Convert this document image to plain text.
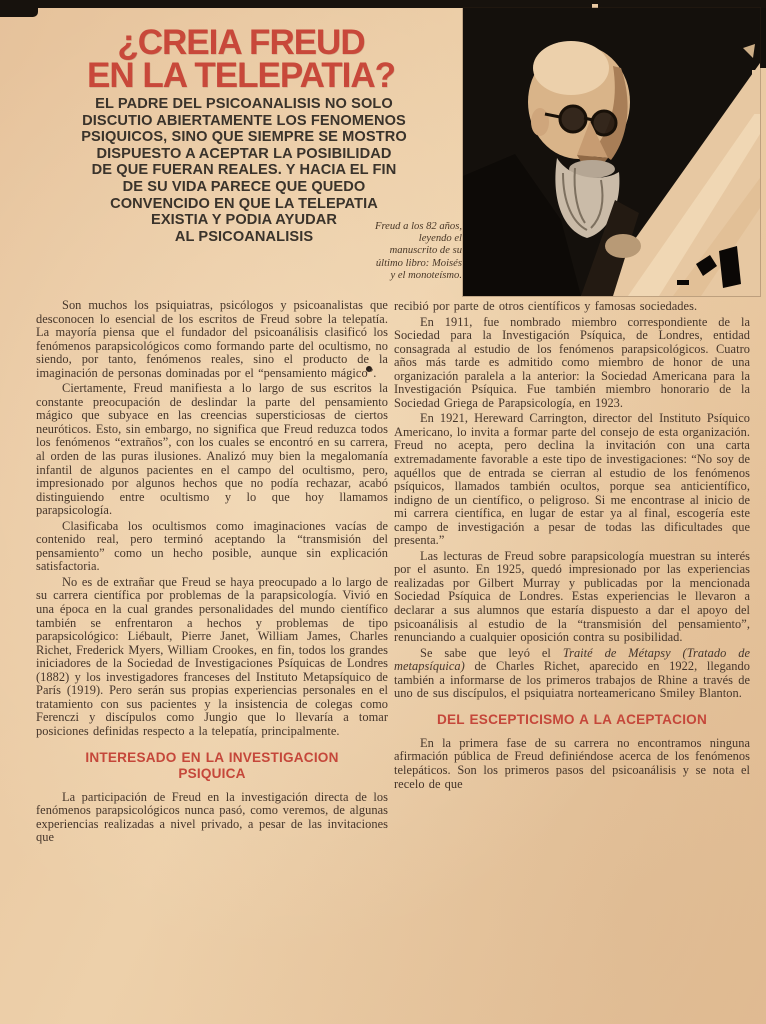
¿CREIA FREUD
EN LA TELEPATIA?
EL PADRE DEL PSICOANALISIS NO SOLO
DISCUTIO ABIERTAMENTE LOS FENOMENOS
PSIQUICOS, SINO QUE SIEMPRE SE MOSTRO
DISPUESTO A ACEPTAR LA POSIBILIDAD
DE QUE FUERAN REALES. Y HACIA EL FIN
DE SU VIDA PARECE QUE QUEDO
CONVENCIDO EN QUE LA TELEPATIA
EXISTIA Y PODIA AYUDAR
AL PSICOANALISIS
Freud a los 82 años, leyendo el manuscrito de su último libro: Moisés y el monoteísmo.

Son muchos los psiquiatras, psicólogos y psicoanalistas que desconocen lo esencial de los escritos de Freud sobre la telepatía. La mayoría piensa que el fundador del psicoanálisis clasificó los fenómenos parapsicológicos como formando parte del ocultismo, no siendo, por tanto, fenómenos reales, sino el producto de la imaginación de personas dominadas por el “pensamiento mágico”.

Ciertamente, Freud manifiesta a lo largo de sus escritos la constante preocupación de deslindar la parte del pensamiento mágico que subyace en las creencias supersticiosas de ciertos neuróticos. Esto, sin embargo, no significa que Freud reduzca todos los fenómenos “extraños”, con los cuales se encontró en su carrera, al orden de las puras ilusiones. Analizó muy bien la megalomanía infantil de algunos pacientes en el campo del ocultismo, pero, impresionado por algunos hechos que no podía rechazar, acabó distinguiendo entre ocultismo y lo que hoy llamamos parapsicología.

Clasificaba los ocultismos como imaginaciones vacías de contenido real, pero terminó aceptando la “transmisión del pensamiento” como un hecho posible, aunque sin explicación satisfactoria.

No es de extrañar que Freud se haya preocupado a lo largo de su carrera científica por problemas de la parapsicología. Vivió en una época en la cual grandes personalidades del mundo científico también se enfrentaron a hechos y problemas de tipo parapsicológico: Liébault, Pierre Janet, William James, Charles Richet, Frederick Myers, William Crookes, en fin, todos los grandes iniciadores de la Sociedad de Investigaciones Psíquicas de Londres (1882) y los investigadores franceses del Instituto Metapsíquico de París (1919). Pero serán sus propias experiencias personales en el tratamiento con sus pacientes y la insistencia de colegas como Ferenczi y discípulos como Jungio que lo llevaría a tomar posiciones definidas respecto a la telepatía, principalmente.

INTERESADO EN LA INVESTIGACION PSIQUICA

La participación de Freud en la investigación directa de los fenómenos parapsicológicos nunca pasó, como veremos, de algunas experiencias realizadas a nivel privado, a pesar de las invitaciones que

recibió por parte de otros científicos y famosas sociedades.

En 1911, fue nombrado miembro correspondiente de la Sociedad para la Investigación Psíquica, de Londres, entidad consagrada al estudio de los fenómenos parapsicológicos. Cuatro años más tarde es admitido como miembro de honor de una organización paralela a la anterior: la Sociedad Americana para la Investigación Psíquica. Fue también miembro honorario de la Sociedad Griega de Parapsicología, en 1923.

En 1921, Hereward Carrington, director del Instituto Psíquico Americano, lo invita a formar parte del consejo de esta organización. Freud no acepta, pero declina la invitación con una carta extremadamente favorable a este tipo de investigaciones: “No soy de aquéllos que de entrada se cierran al estudio de los fenómenos psíquicos, llamados también ocultos, porque sea anticientífico, indigno de un científico, o peligroso. Si me encontrase al inicio de mi carrera científica, en lugar de estar ya al final, escogería este campo de investigación a pesar de todas las dificultades que presenta.”

Las lecturas de Freud sobre parapsicología muestran su interés por el asunto. En 1925, quedó impresionado por las experiencias realizadas por Gilbert Murray y publicadas por la mencionada Sociedad Psíquica de Londres. Estas experiencias le llevaron a declarar a sus alumnos que estaría dispuesto a dar el apoyo del psicoanálisis al estudio de la “transmisión del pensamiento”, renunciando a cualquier oposición contra su posibilidad.

Se sabe que leyó el Traité de Métapsy (Tratado de metapsíquica) de Charles Richet, aparecido en 1922, llegando también a informarse de los primeros trabajos de Rhine a través de uno de sus discípulos, el psiquiatra norteamericano Smiley Blanton.

DEL ESCEPTICISMO A LA ACEPTACION

En la primera fase de su carrera no encontramos ninguna afirmación pública de Freud definiéndose acerca de los fenómenos telepáticos. Son los primeros pasos del psicoanálisis y se nota el recelo de que
